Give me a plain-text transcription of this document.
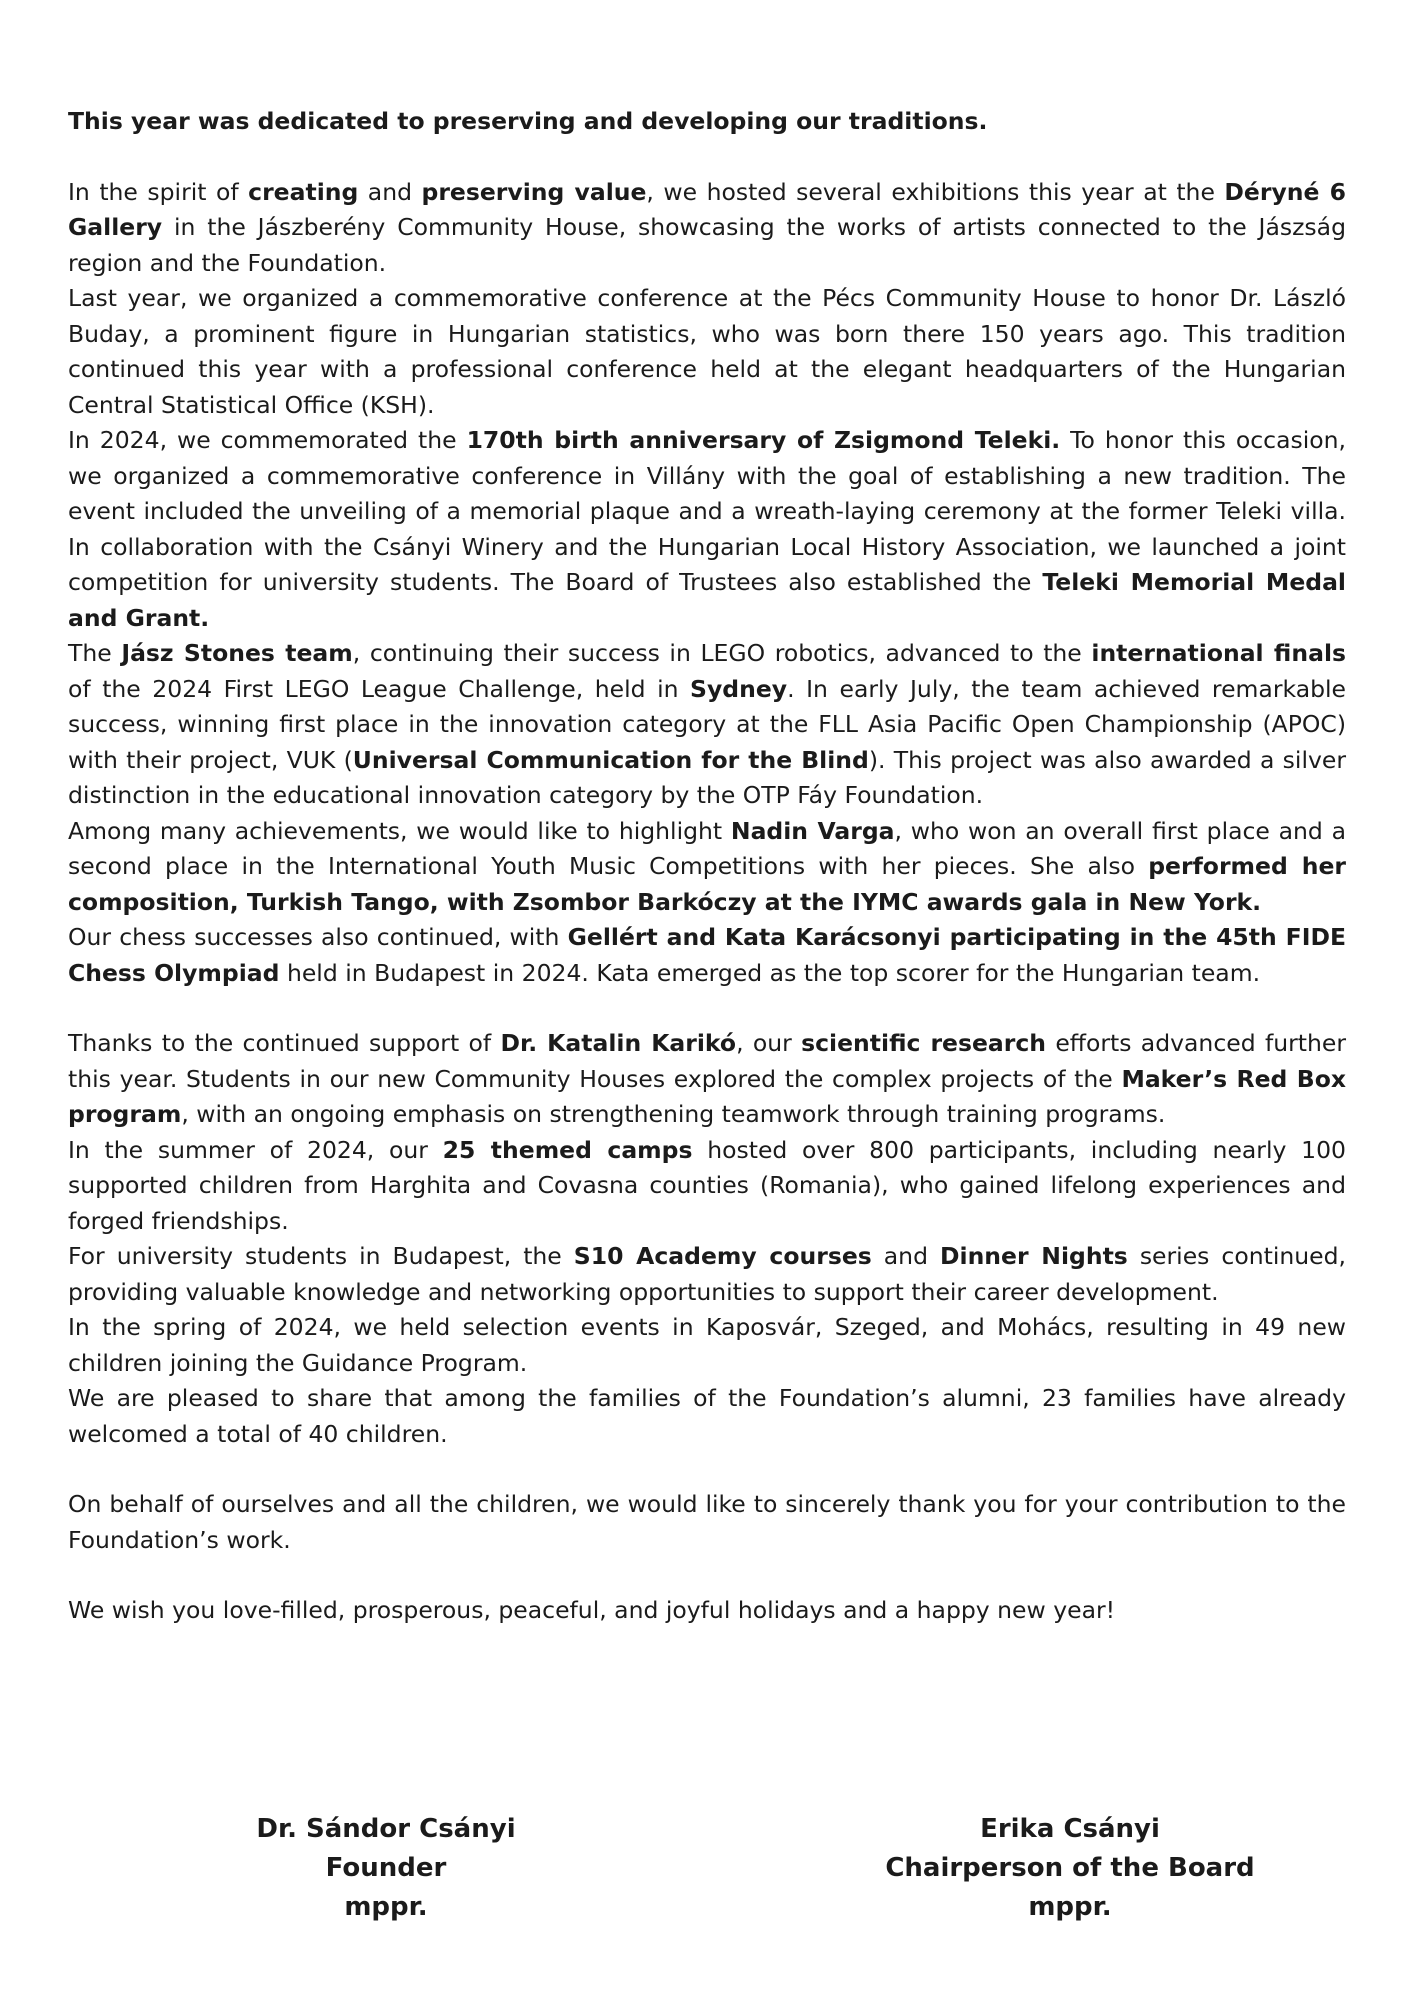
This year was dedicated to preserving and developing our traditions.

In the spirit of creating and preserving value, we hosted several exhibitions this year at the Déryné 6 Gallery in the Jászberény Community House, showcasing the works of artists connected to the Jászság region and the Foundation.

Last year, we organized a commemorative conference at the Pécs Community House to honor Dr. László Buday, a prominent figure in Hungarian statistics, who was born there 150 years ago. This tradition continued this year with a professional conference held at the elegant headquarters of the Hungarian Central Statistical Office (KSH).

In 2024, we commemorated the 170th birth anniversary of Zsigmond Teleki. To honor this occasion, we organized a commemorative conference in Villány with the goal of establishing a new tradition. The event included the unveiling of a memorial plaque and a wreath-laying ceremony at the former Teleki villa. In collaboration with the Csányi Winery and the Hungarian Local History Association, we launched a joint competition for university students. The Board of Trustees also established the Teleki Memorial Medal and Grant.

The Jász Stones team, continuing their success in LEGO robotics, advanced to the international finals of the 2024 First LEGO League Challenge, held in Sydney. In early July, the team achieved remarkable success, winning first place in the innovation category at the FLL Asia Pacific Open Championship (APOC) with their project, VUK (Universal Communication for the Blind). This project was also awarded a silver distinction in the educational innovation category by the OTP Fáy Foundation.

Among many achievements, we would like to highlight Nadin Varga, who won an overall first place and a second place in the International Youth Music Competitions with her pieces. She also performed her composition, Turkish Tango, with Zsombor Barkóczy at the IYMC awards gala in New York.

Our chess successes also continued, with Gellért and Kata Karácsonyi participating in the 45th FIDE Chess Olympiad held in Budapest in 2024. Kata emerged as the top scorer for the Hungarian team.

Thanks to the continued support of Dr. Katalin Karikó, our scientific research efforts advanced further this year. Students in our new Community Houses explored the complex projects of the Maker’s Red Box program, with an ongoing emphasis on strengthening teamwork through training programs.

In the summer of 2024, our 25 themed camps hosted over 800 participants, including nearly 100 supported children from Harghita and Covasna counties (Romania), who gained lifelong experiences and forged friendships.

For university students in Budapest, the S10 Academy courses and Dinner Nights series continued, providing valuable knowledge and networking opportunities to support their career development.

In the spring of 2024, we held selection events in Kaposvár, Szeged, and Mohács, resulting in 49 new children joining the Guidance Program.

We are pleased to share that among the families of the Foundation’s alumni, 23 families have already welcomed a total of 40 children.

On behalf of ourselves and all the children, we would like to sincerely thank you for your contribution to the Foundation’s work.

We wish you love-filled, prosperous, peaceful, and joyful holidays and a happy new year!

Dr. Sándor Csányi
Founder
mppr.
Erika Csányi
Chairperson of the Board
mppr.
